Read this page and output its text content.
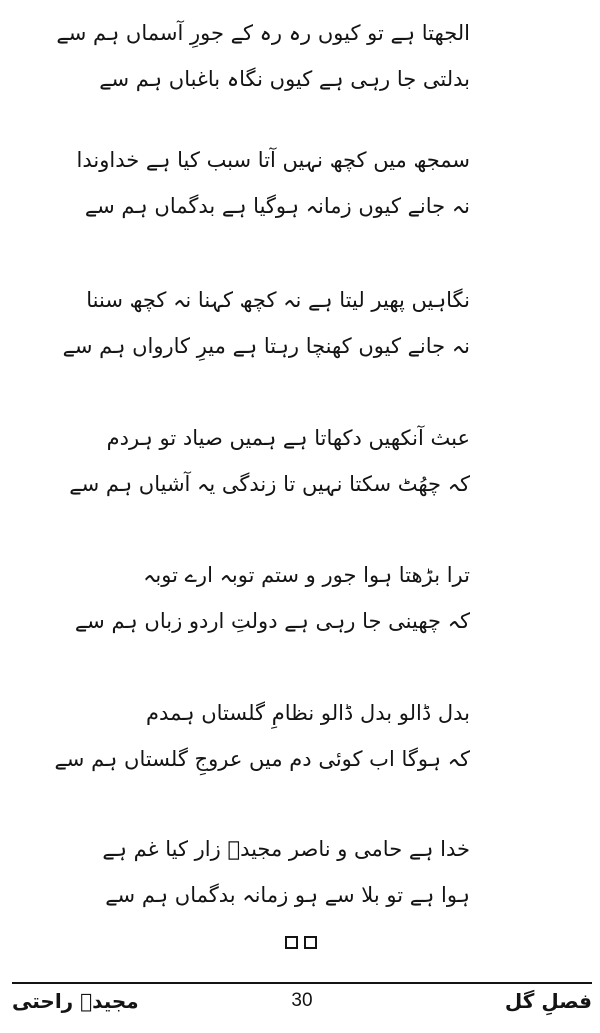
الجھتا ہے تو کیوں رہ رہ کے جورِ آسماں ہم سے
بدلتی جا رہی ہے کیوں نگاہ باغباں ہم سے
سمجھ میں کچھ نہیں آتا سبب کیا ہے خداوندا
نہ جانے کیوں زمانہ ہوگیا ہے بدگماں ہم سے
نگاہیں پھیر لیتا ہے نہ کچھ کہنا نہ کچھ سننا
نہ جانے کیوں کھنچا رہتا ہے میرِ کارواں ہم سے
عبث آنکھیں دکھاتا ہے ہمیں صیاد تو ہردم
کہ چھُٹ سکتا نہیں تا زندگی یہ آشیاں ہم سے
ترا بڑھتا ہوا جور و ستم توبہ ارے توبہ
کہ چھینی جا رہی ہے دولتِ اردو زباں ہم سے
بدل ڈالو بدل ڈالو نظامِ گلستاں ہمدم
کہ ہوگا اب کوئی دم میں عروجِ گلستاں ہم سے
خدا ہے حامی و ناصر مجیدؔ زار کیا غم ہے
ہوا ہے تو بلا سے ہو زمانہ بدگماں ہم سے
مجیدؔ راحتی	30	فصلِ گل
